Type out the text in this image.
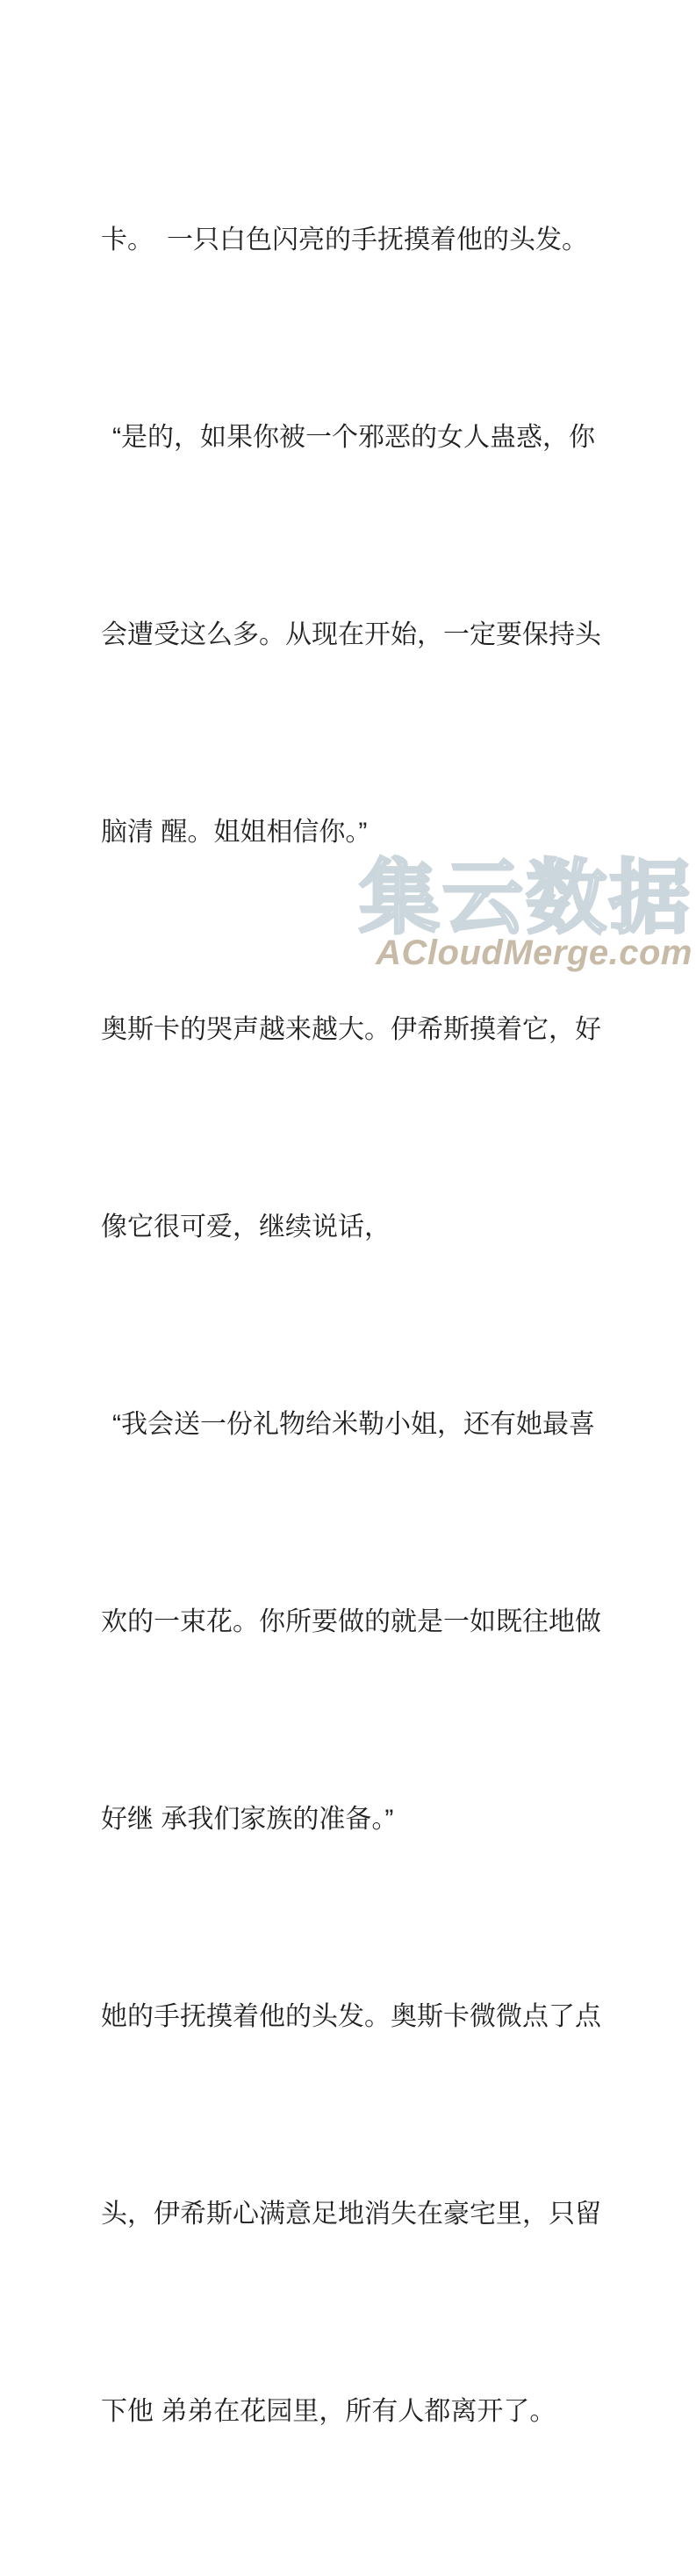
卡。　一只白色闪亮的手抚摸着他的头发。

“是的，如果你被一个邪恶的女人蛊惑，你

会遭受这么多。从现在开始，一定要保持头

脑清 醒。姐姐相信你。”

奥斯卡的哭声越来越大。伊希斯摸着它，好

像它很可爱，继续说话，

“我会送一份礼物给米勒小姐，还有她最喜

欢的一束花。你所要做的就是一如既往地做

好继 承我们家族的准备。”

她的手抚摸着他的头发。奥斯卡微微点了点

头，伊希斯心满意足地消失在豪宅里，只留

下他 弟弟在花园里，所有人都离开了。

集云数据
ACloudMerge.com
